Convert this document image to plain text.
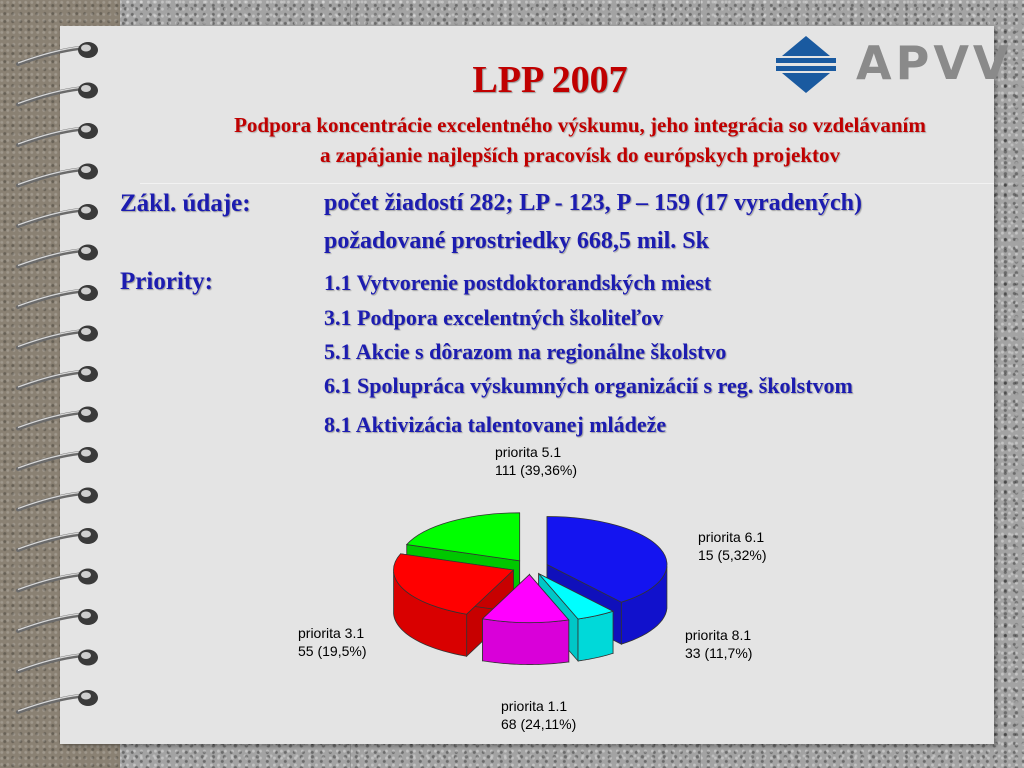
LPP 2007
Podpora koncentrácie excelentného výskumu, jeho integrácia so vzdelávaním
a zapájanie najlepších pracovísk do európskych projektov
APVV
Zákl. údaje:	počet žiadostí 282; LP - 123, P – 159 (17 vyradených)
požadované prostriedky 668,5 mil. Sk
Priority:	1.1 Vytvorenie postdoktorandských miest
3.1 Podpora excelentných školiteľov
5.1 Akcie s dôrazom na regionálne školstvo
6.1 Spolupráca výskumných organizácií s reg. školstvom
8.1 Aktivizácia talentovanej mládeže
priorita 5.1
111 (39,36%)
priorita 6.1
15 (5,32%)
priorita 8.1
33 (11,7%)
priorita 1.1
68 (24,11%)
priorita 3.1
55 (19,5%)
